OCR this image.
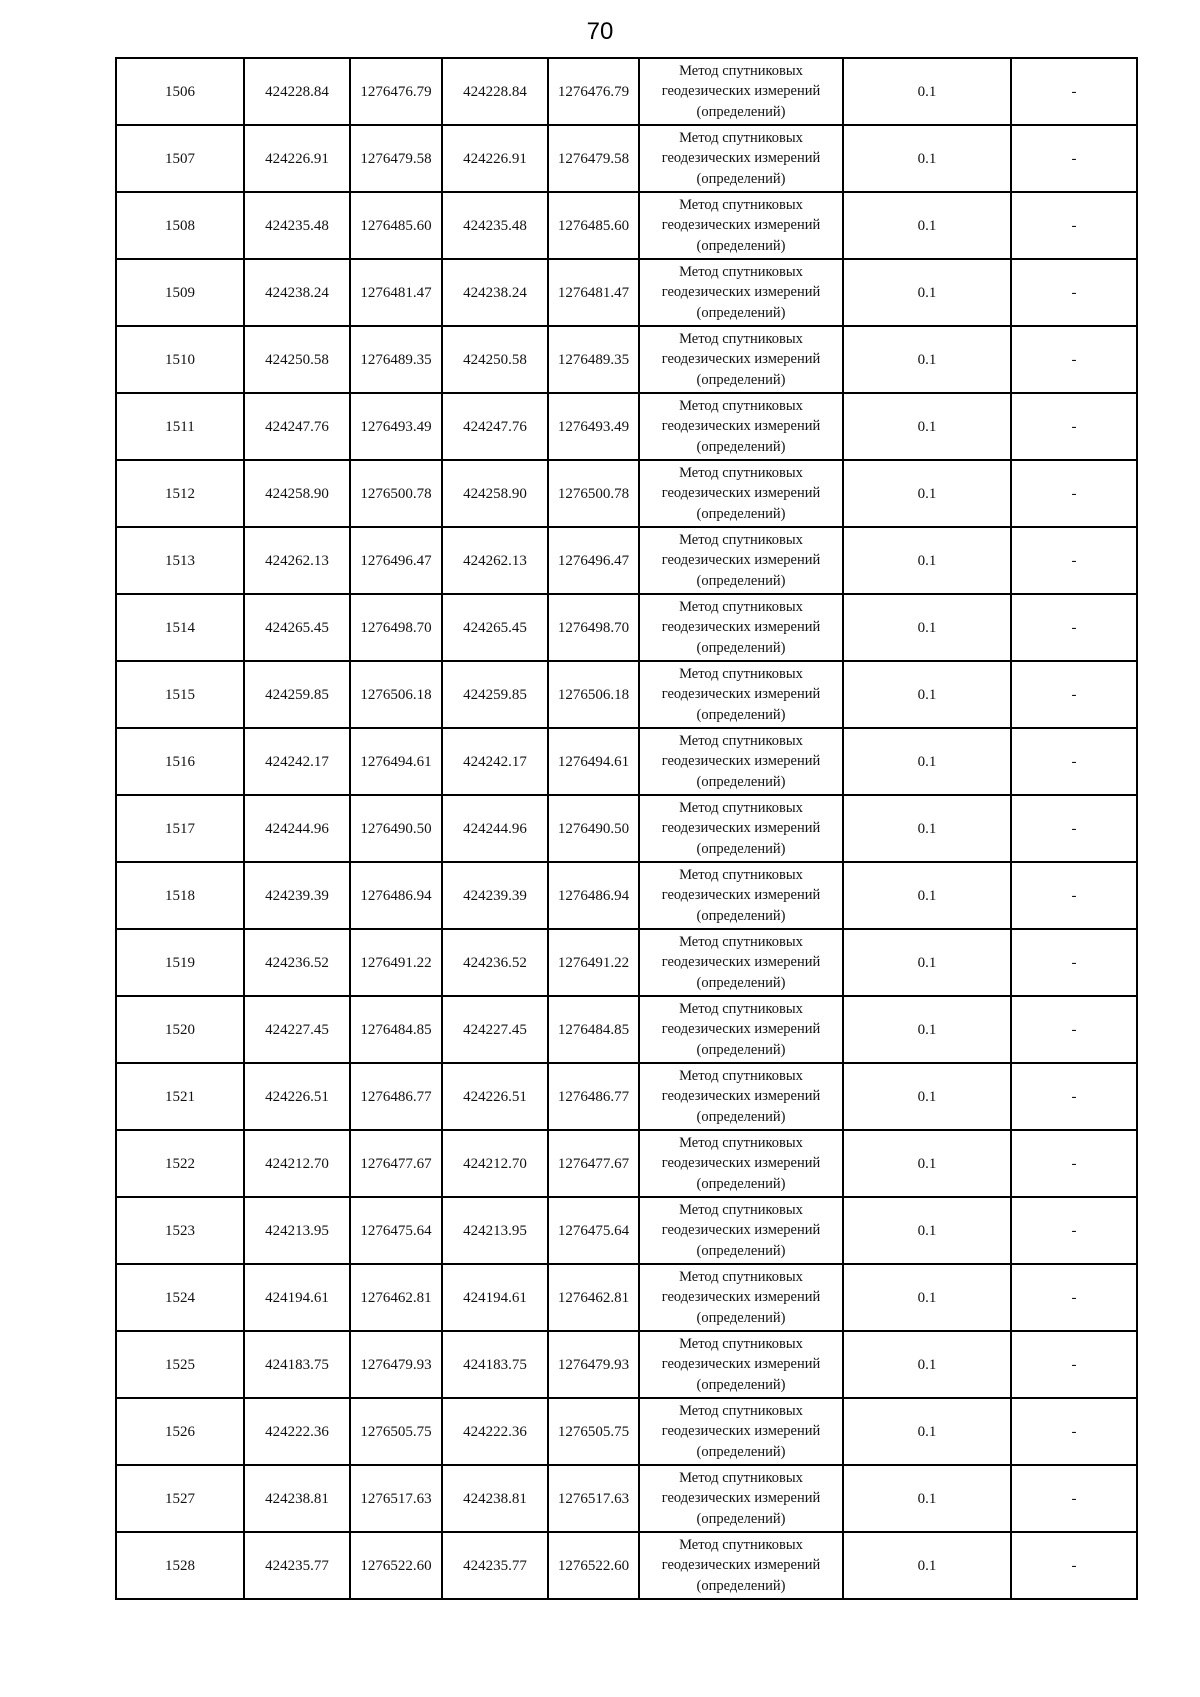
70
1506	424228.84	1276476.79	424228.84	1276476.79	Метод спутниковых геодезических измерений (определений)	0.1	-
1507	424226.91	1276479.58	424226.91	1276479.58	Метод спутниковых геодезических измерений (определений)	0.1	-
1508	424235.48	1276485.60	424235.48	1276485.60	Метод спутниковых геодезических измерений (определений)	0.1	-
1509	424238.24	1276481.47	424238.24	1276481.47	Метод спутниковых геодезических измерений (определений)	0.1	-
1510	424250.58	1276489.35	424250.58	1276489.35	Метод спутниковых геодезических измерений (определений)	0.1	-
1511	424247.76	1276493.49	424247.76	1276493.49	Метод спутниковых геодезических измерений (определений)	0.1	-
1512	424258.90	1276500.78	424258.90	1276500.78	Метод спутниковых геодезических измерений (определений)	0.1	-
1513	424262.13	1276496.47	424262.13	1276496.47	Метод спутниковых геодезических измерений (определений)	0.1	-
1514	424265.45	1276498.70	424265.45	1276498.70	Метод спутниковых геодезических измерений (определений)	0.1	-
1515	424259.85	1276506.18	424259.85	1276506.18	Метод спутниковых геодезических измерений (определений)	0.1	-
1516	424242.17	1276494.61	424242.17	1276494.61	Метод спутниковых геодезических измерений (определений)	0.1	-
1517	424244.96	1276490.50	424244.96	1276490.50	Метод спутниковых геодезических измерений (определений)	0.1	-
1518	424239.39	1276486.94	424239.39	1276486.94	Метод спутниковых геодезических измерений (определений)	0.1	-
1519	424236.52	1276491.22	424236.52	1276491.22	Метод спутниковых геодезических измерений (определений)	0.1	-
1520	424227.45	1276484.85	424227.45	1276484.85	Метод спутниковых геодезических измерений (определений)	0.1	-
1521	424226.51	1276486.77	424226.51	1276486.77	Метод спутниковых геодезических измерений (определений)	0.1	-
1522	424212.70	1276477.67	424212.70	1276477.67	Метод спутниковых геодезических измерений (определений)	0.1	-
1523	424213.95	1276475.64	424213.95	1276475.64	Метод спутниковых геодезических измерений (определений)	0.1	-
1524	424194.61	1276462.81	424194.61	1276462.81	Метод спутниковых геодезических измерений (определений)	0.1	-
1525	424183.75	1276479.93	424183.75	1276479.93	Метод спутниковых геодезических измерений (определений)	0.1	-
1526	424222.36	1276505.75	424222.36	1276505.75	Метод спутниковых геодезических измерений (определений)	0.1	-
1527	424238.81	1276517.63	424238.81	1276517.63	Метод спутниковых геодезических измерений (определений)	0.1	-
1528	424235.77	1276522.60	424235.77	1276522.60	Метод спутниковых геодезических измерений (определений)	0.1	-
